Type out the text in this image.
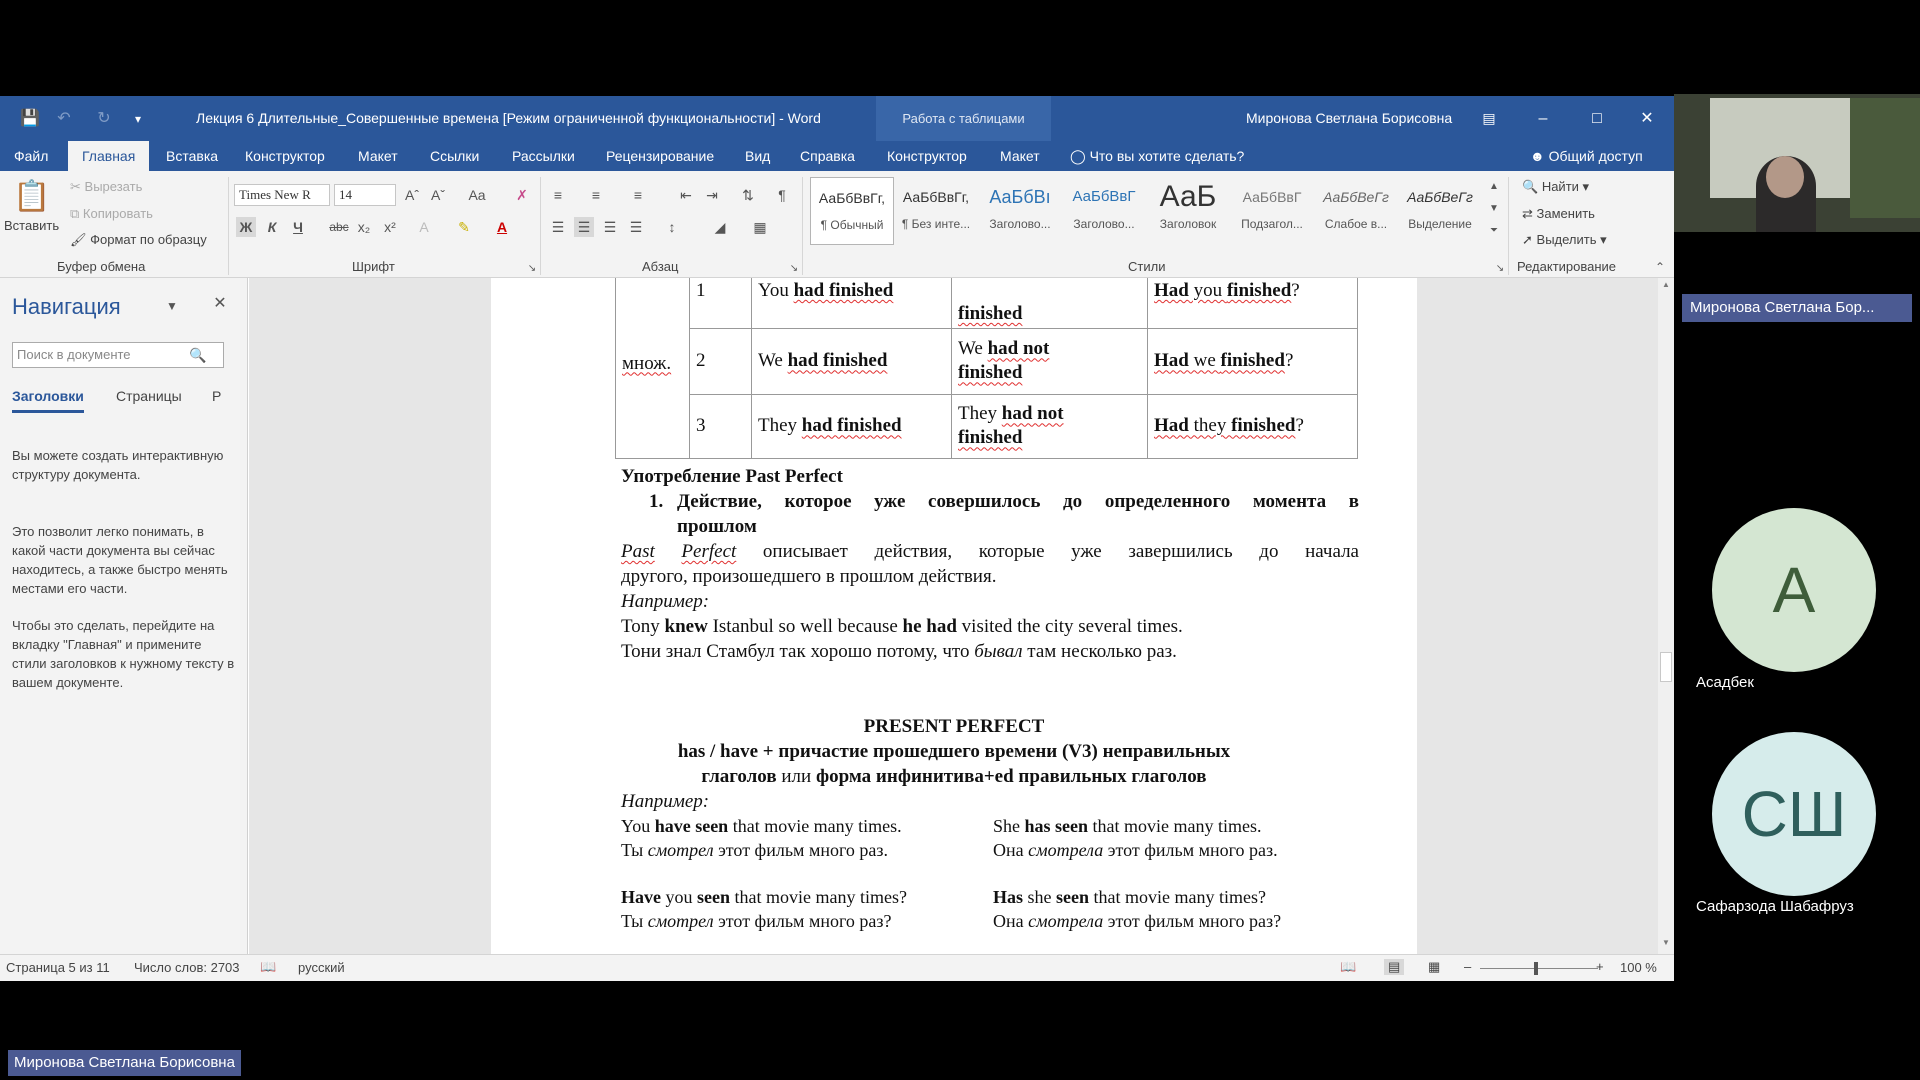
💾	↶	↻	▾	Лекция 6 Длительные_Совершенные времена [Режим ограниченной функциональности] - Word	Работа с таблицами	Миронова Светлана Борисовна	▤	–	□	✕
Файл	Главная	Вставка	Конструктор	Макет	Ссылки	Рассылки	Рецензирование	Вид	Справка	Конструктор	Макет	◯ Что вы хотите сделать?	☻ Общий доступ
📋
Вставить
✂ Вырезать
⧉ Копировать
🖌 Формат по образцу
Буфер обмена
Times New R	14	Aˆ Aˇ	Aa	✗
Ж	К	Ч	abc x₂ x²	A	✎	A
Шрифт	↘
≡	≡	≡	⇤ ⇥ ⇅	¶
☰ ☰ ☰ ☰	↕	◢	▦
Абзац	↘
АаБбВвГг,
¶ Обычный
АаБбВвГг,
¶ Без инте...
АаБбВı
Заголово...
АаБбВвГ
Заголово...
АаБ
Заголовок
АаБбВвГ
Подзагол...
АаБбВеГг
Слабое в...
АаБбВеГг
Выделение
▲
▼
⏷
Стили	↘
🔍 Найти ▾
⇄ Заменить
➚ Выделить ▾
Редактирование	⌃
Навигация	▼ ✕
Поиск в документе	🔍
Заголовки Страницы Р
Вы можете создать интерактивную структуру документа.
Это позволит легко понимать, в какой части документа вы сейчас находитесь, а также быстро менять местами его части.
Чтобы это сделать, перейдите на вкладку "Главная" и примените стили заголовков к нужному тексту в вашем документе.
множ.	1	You had finished	finished	Had you finished?
	2	We had finished	We had not
finished	Had we finished?
	3	They had finished	They had not
finished	Had they finished?
Употребление Past Perfect
1. Действие, которое уже совершилось до определенного момента в
прошлом
Past Perfect описывает действия, которые уже завершились до начала
другого, произошедшего в прошлом действия.
Например:
Tony knew Istanbul so well because he had visited the city several times.
Тони знал Стамбул так хорошо потому, что бывал там несколько раз.
PRESENT PERFECT
has / have + причастие прошедшего времени (V3) неправильных
глаголов или форма инфинитива+ed правильных глаголов
Например:
You have seen that movie many times.
Ты смотрел этот фильм много раз.
Have you seen that movie many times?
Ты смотрел этот фильм много раз?
She has seen that movie many times.
Она смотрела этот фильм много раз.
Has she seen that movie many times?
Она смотрела этот фильм много раз?
▲
▼
Страница 5 из 11 Число слов: 2703 📖 русский	📖	▤	▦ –	+ 100 %
Миронова Светлана Бор...
А
Асадбек
СШ
Сафарзода Шабафруз
Миронова Светлана Борисовна
